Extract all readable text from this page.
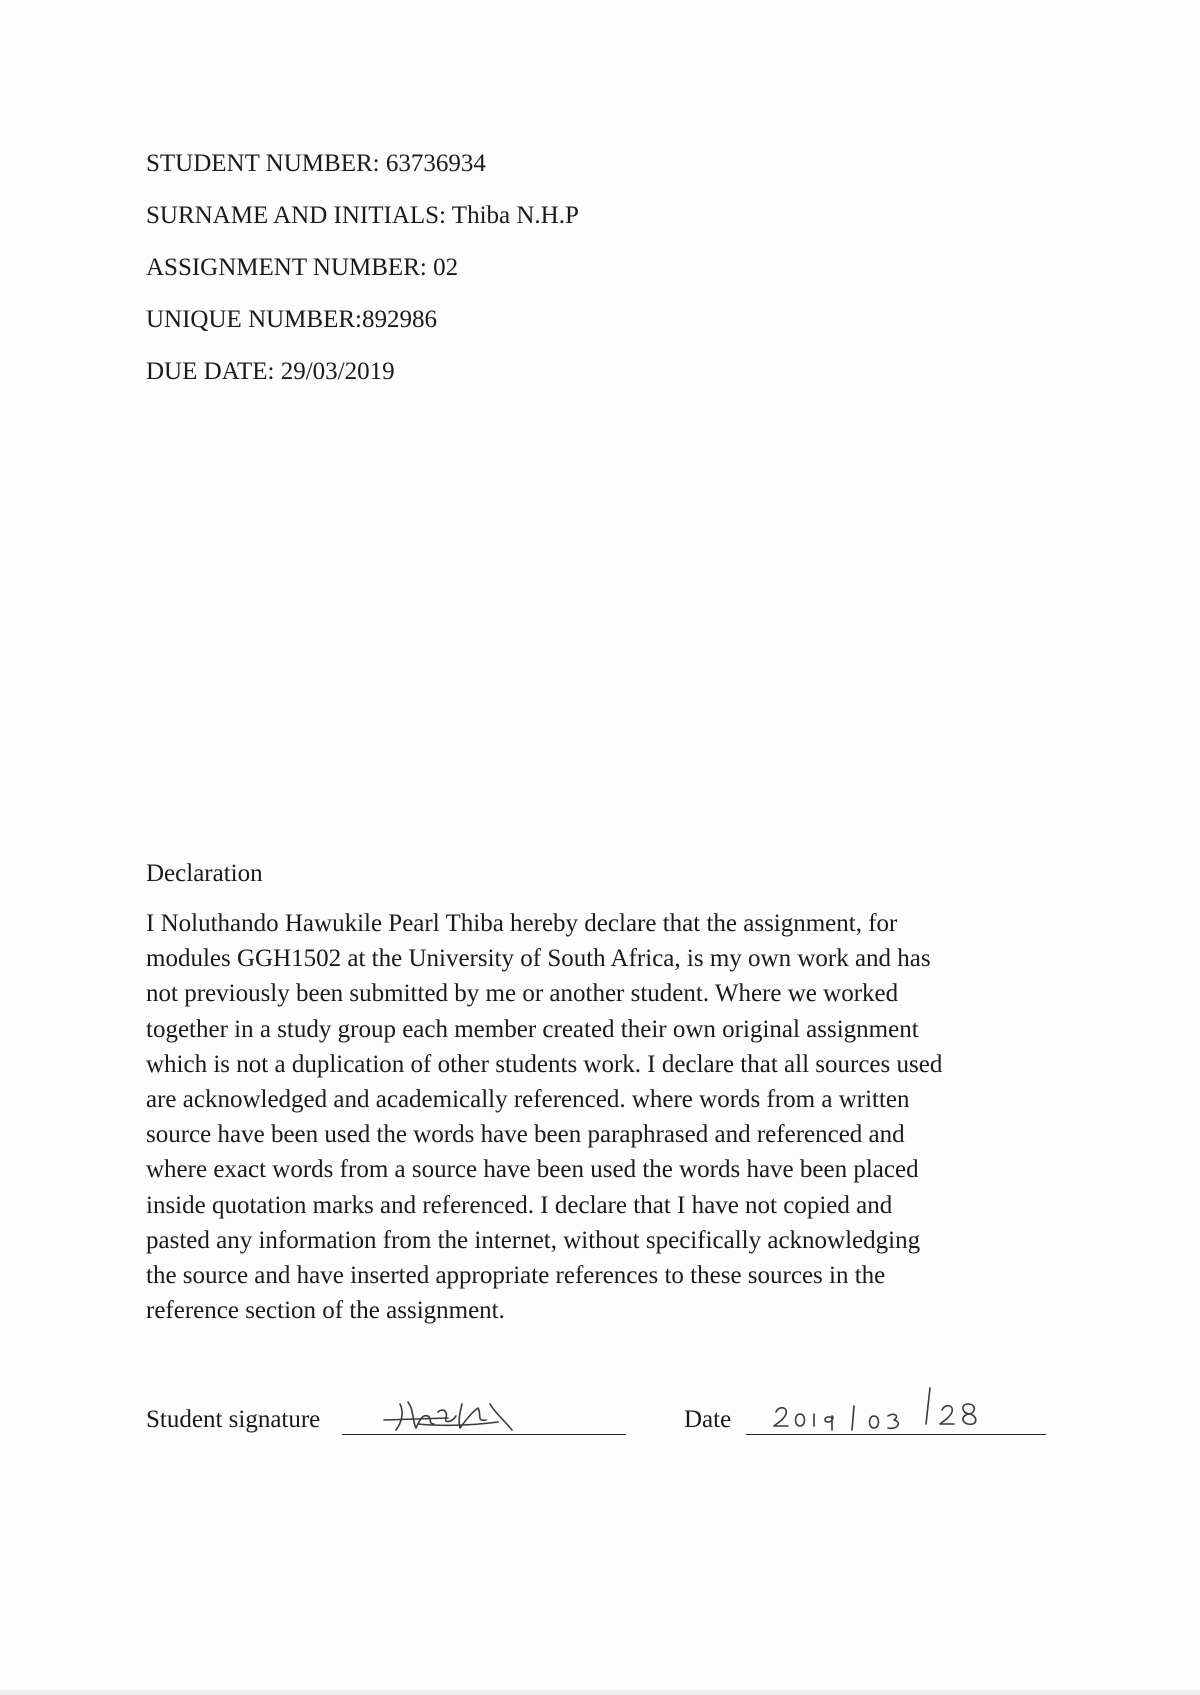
STUDENT NUMBER: 63736934
SURNAME AND INITIALS: Thiba N.H.P
ASSIGNMENT NUMBER: 02
UNIQUE NUMBER:892986
DUE DATE: 29/03/2019
Declaration
I Noluthando Hawukile Pearl Thiba hereby declare that the assignment, for
modules GGH1502 at the University of South Africa, is my own work and has
not previously been submitted by me or another student. Where we worked
together in a study group each member created their own original assignment
which is not a duplication of other students work. I declare that all sources used
are acknowledged and academically referenced. where words from a written
source have been used the words have been paraphrased and referenced and
where exact words from a source have been used the words have been placed
inside quotation marks and referenced. I declare that I have not copied and
pasted any information from the internet, without specifically acknowledging
the source and have inserted appropriate references to these sources in the
reference section of the assignment.
Student signature	Date
